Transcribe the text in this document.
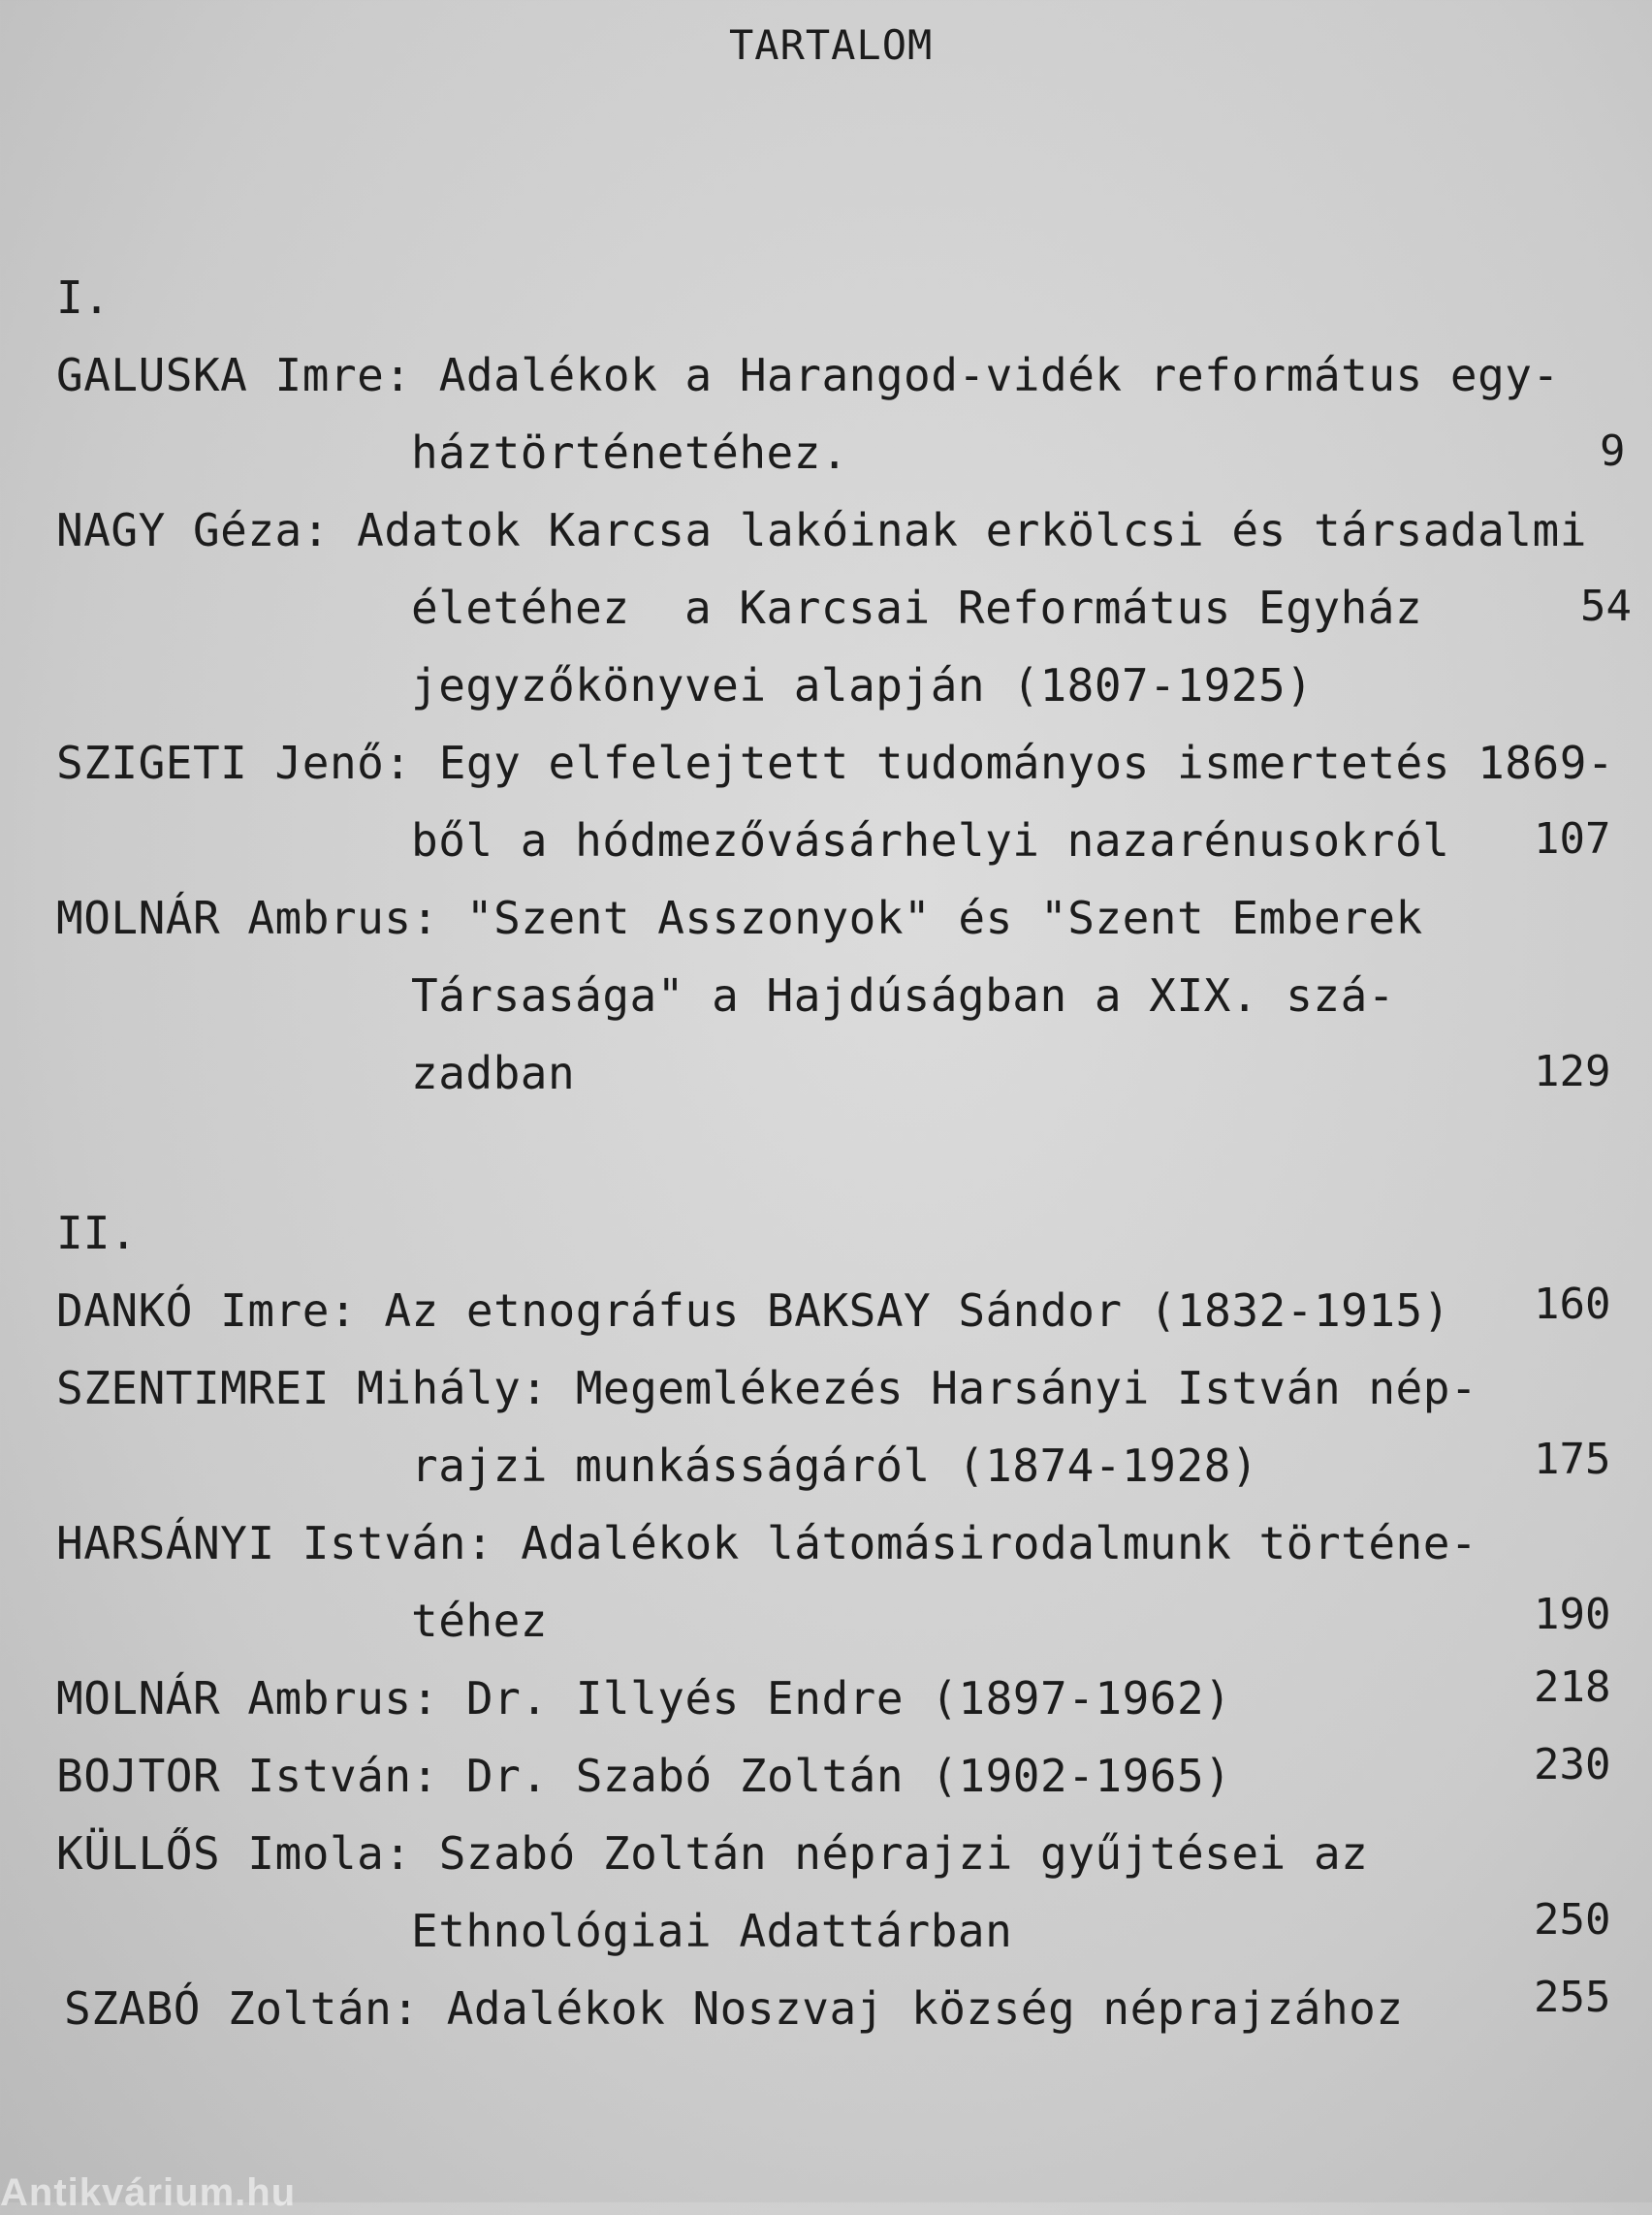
TARTALOM
I.
GALUSKA Imre: Adalékok a Harangod-vidék református egy-
háztörténetéhez.	9
NAGY Géza: Adatok Karcsa lakóinak erkölcsi és társadalmi
életéhez  a Karcsai Református Egyház
jegyzőkönyvei alapján (1807-1925)
54
SZIGETI Jenő: Egy elfelejtett tudományos ismertetés 1869-
ből a hódmezővásárhelyi nazarénusokról 107
MOLNÁR Ambrus: "Szent Asszonyok" és "Szent Emberek
Társasága" a Hajdúságban a XIX. szá-
zadban	129
II.
DANKÓ Imre: Az etnográfus BAKSAY Sándor (1832-1915) 160
SZENTIMREI Mihály: Megemlékezés Harsányi István nép-
rajzi munkásságáról (1874-1928)	175
HARSÁNYI István: Adalékok látomásirodalmunk történe-
téhez	190
MOLNÁR Ambrus: Dr. Illyés Endre (1897-1962)	218
BOJTOR István: Dr. Szabó Zoltán (1902-1965)	230
KÜLLŐS Imola: Szabó Zoltán néprajzi gyűjtései az
Ethnológiai Adattárban	250
SZABÓ Zoltán: Adalékok Noszvaj község néprajzához	255
Antikvárium.hu
